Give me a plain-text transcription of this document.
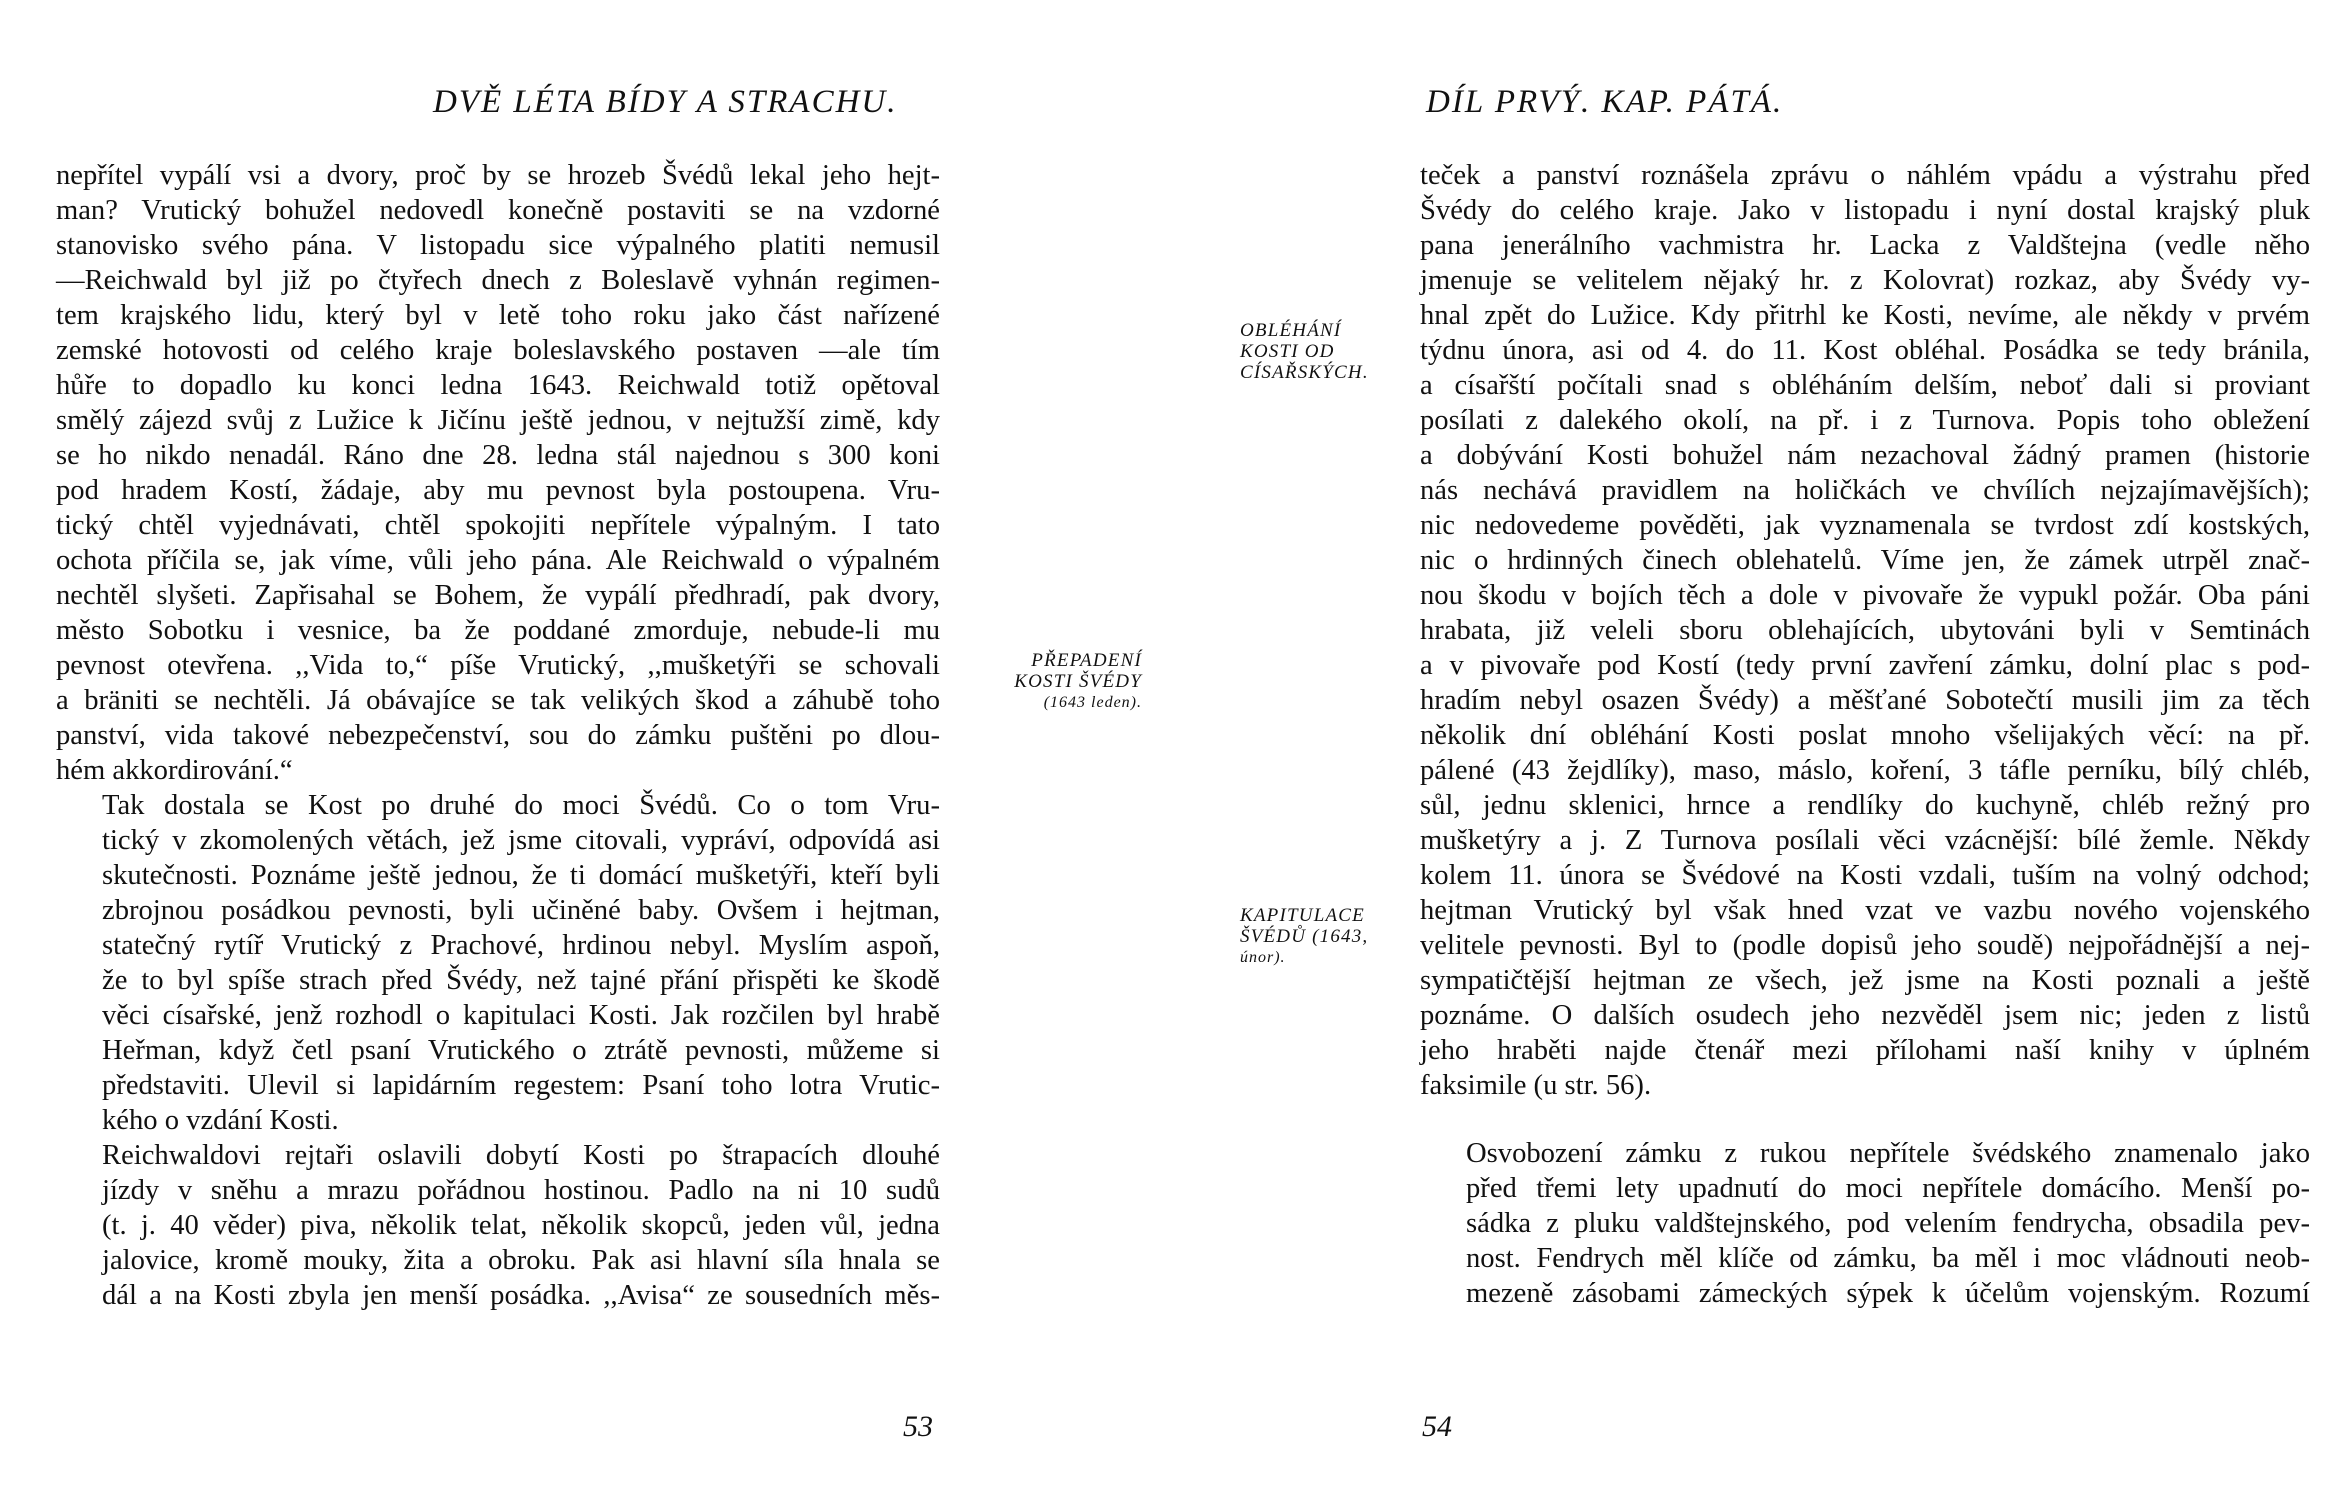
DVĚ LÉTA BÍDY A STRACHU.

nepřítel vypálí vsi a dvory, proč by se hrozeb Švédů lekal jeho hejt-
man? Vrutický bohužel nedovedl konečně postaviti se na vzdorné
stanovisko svého pána. V listopadu sice výpalného platiti nemusil
—Reichwald byl již po čtyřech dnech z Boleslavě vyhnán regimen-
tem krajského lidu, který byl v letě toho roku jako část nařízené
zemské hotovosti od celého kraje boleslavského postaven —ale tím
hůře to dopadlo ku konci ledna 1643. Reichwald totiž opětoval
smělý zájezd svůj z Lužice k Jičínu ještě jednou, v nejtužší zimě, kdy
se ho nikdo nenadál. Ráno dne 28. ledna stál najednou s 300 koni
pod hradem Kostí, žádaje, aby mu pevnost byla postoupena. Vru-
tický chtěl vyjednávati, chtěl spokojiti nepřítele výpalným. I tato
ochota příčila se, jak víme, vůli jeho pána. Ale Reichwald o výpalném
nechtěl slyšeti. Zapřisahal se Bohem, že vypálí předhradí, pak dvory,
město Sobotku i vesnice, ba že poddané zmorduje, nebude-li mu
pevnost otevřena. ,,Vida to,“ píše Vrutický, ,,mušketýři se schovali
a bräniti se nechtěli. Já obávajíce se tak velikých škod a záhubě toho
panství, vida takové nebezpečenství, sou do zámku puštěni po dlou-
hém akkordirování.“

Tak dostala se Kost po druhé do moci Švédů. Co o tom Vru-
tický v zkomolených větách, jež jsme citovali, vypráví, odpovídá asi
skutečnosti. Poznáme ještě jednou, že ti domácí mušketýři, kteří byli
zbrojnou posádkou pevnosti, byli učiněné baby. Ovšem i hejtman,
statečný rytíř Vrutický z Prachové, hrdinou nebyl. Myslím aspoň,
že to byl spíše strach před Švédy, než tajné přání přispěti ke škodě
věci císařské, jenž rozhodl o kapitulaci Kosti. Jak rozčilen byl hrabě
Heřman, když četl psaní Vrutického o ztrátě pevnosti, můžeme si
představiti. Ulevil si lapidárním regestem: Psaní toho lotra Vrutic-
kého o vzdání Kosti.

Reichwaldovi rejtaři oslavili dobytí Kosti po štrapacích dlouhé
jízdy v sněhu a mrazu pořádnou hostinou. Padlo na ni 10 sudů
(t. j. 40 věder) piva, několik telat, několik skopců, jeden vůl, jedna
jalovice, kromě mouky, žita a obroku. Pak asi hlavní síla hnala se
dál a na Kosti zbyla jen menší posádka. ,,Avisa“ ze sousedních měs-

PŘEPADENÍ
KOSTI ŠVÉDY
(1643 leden).
53
DÍL PRVÝ. KAP. PÁTÁ.
OBLÉHÁNÍ
KOSTI OD
CÍSAŘSKÝCH.
KAPITULACE
ŠVÉDŮ (1643,
únor).

teček a panství roznášela zprávu o náhlém vpádu a výstrahu před
Švédy do celého kraje. Jako v listopadu i nyní dostal krajský pluk
pana jenerálního vachmistra hr. Lacka z Valdštejna (vedle něho
jmenuje se velitelem nějaký hr. z Kolovrat) rozkaz, aby Švédy vy-
hnal zpět do Lužice. Kdy přitrhl ke Kosti, nevíme, ale někdy v prvém
týdnu února, asi od 4. do 11. Kost obléhal. Posádka se tedy bránila,
a císařští počítali snad s obléháním delším, neboť dali si proviant
posílati z dalekého okolí, na př. i z Turnova. Popis toho obležení
a dobývání Kosti bohužel nám nezachoval žádný pramen (historie
nás nechává pravidlem na holičkách ve chvílích nejzajímavějších);
nic nedovedeme pověděti, jak vyznamenala se tvrdost zdí kostských,
nic o hrdinných činech oblehatelů. Víme jen, že zámek utrpěl znač-
nou škodu v bojích těch a dole v pivovaře že vypukl požár. Oba páni
hrabata, již veleli sboru oblehajících, ubytováni byli v Semtinách
a v pivovaře pod Kostí (tedy první zavření zámku, dolní plac s pod-
hradím nebyl osazen Švédy) a měšťané Sobotečtí musili jim za těch
několik dní obléhání Kosti poslat mnoho všelijakých věcí: na př.
pálené (43 žejdlíky), maso, máslo, koření, 3 táfle perníku, bílý chléb,
sůl, jednu sklenici, hrnce a rendlíky do kuchyně, chléb režný pro
mušketýry a j. Z Turnova posílali věci vzácnější: bílé žemle. Někdy
kolem 11. února se Švédové na Kosti vzdali, tuším na volný odchod;
hejtman Vrutický byl však hned vzat ve vazbu nového vojenského
velitele pevnosti. Byl to (podle dopisů jeho soudě) nejpořádnější a nej-
sympatičtější hejtman ze všech, jež jsme na Kosti poznali a ještě
poznáme. O dalších osudech jeho nezvěděl jsem nic; jeden z listů
jeho hraběti najde čtenář mezi přílohami naší knihy v úplném
faksimile (u str. 56).

Osvobození zámku z rukou nepřítele švédského znamenalo jako
před třemi lety upadnutí do moci nepřítele domácího. Menší po-
sádka z pluku valdštejnského, pod velením fendrycha, obsadila pev-
nost. Fendrych měl klíče od zámku, ba měl i moc vládnouti neob-
mezeně zásobami zámeckých sýpek k účelům vojenským. Rozumí

54
